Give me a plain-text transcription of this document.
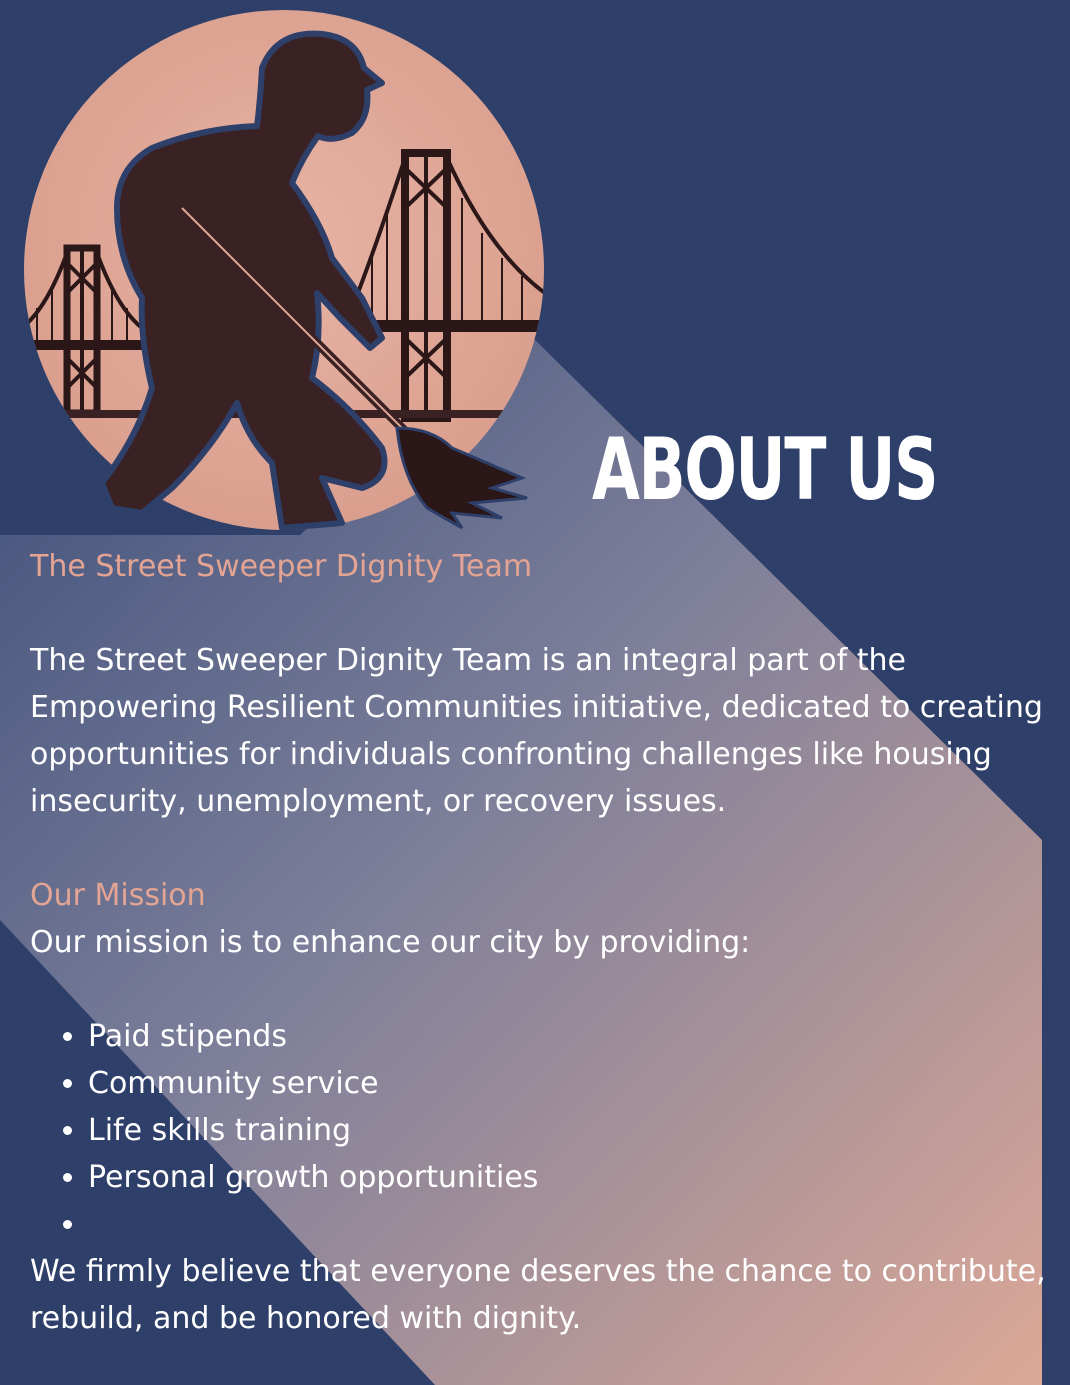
ABOUT US

The Street Sweeper Dignity Team

The Street Sweeper Dignity Team is an integral part of the Empowering Resilient Communities initiative, dedicated to creating opportunities for individuals confronting challenges like housing insecurity, unemployment, or recovery issues.

Our Mission

Our mission is to enhance our city by providing:

• Paid stipends
• Community service
• Life skills training
• Personal growth opportunities
•

We firmly believe that everyone deserves the chance to contribute, rebuild, and be honored with dignity.
